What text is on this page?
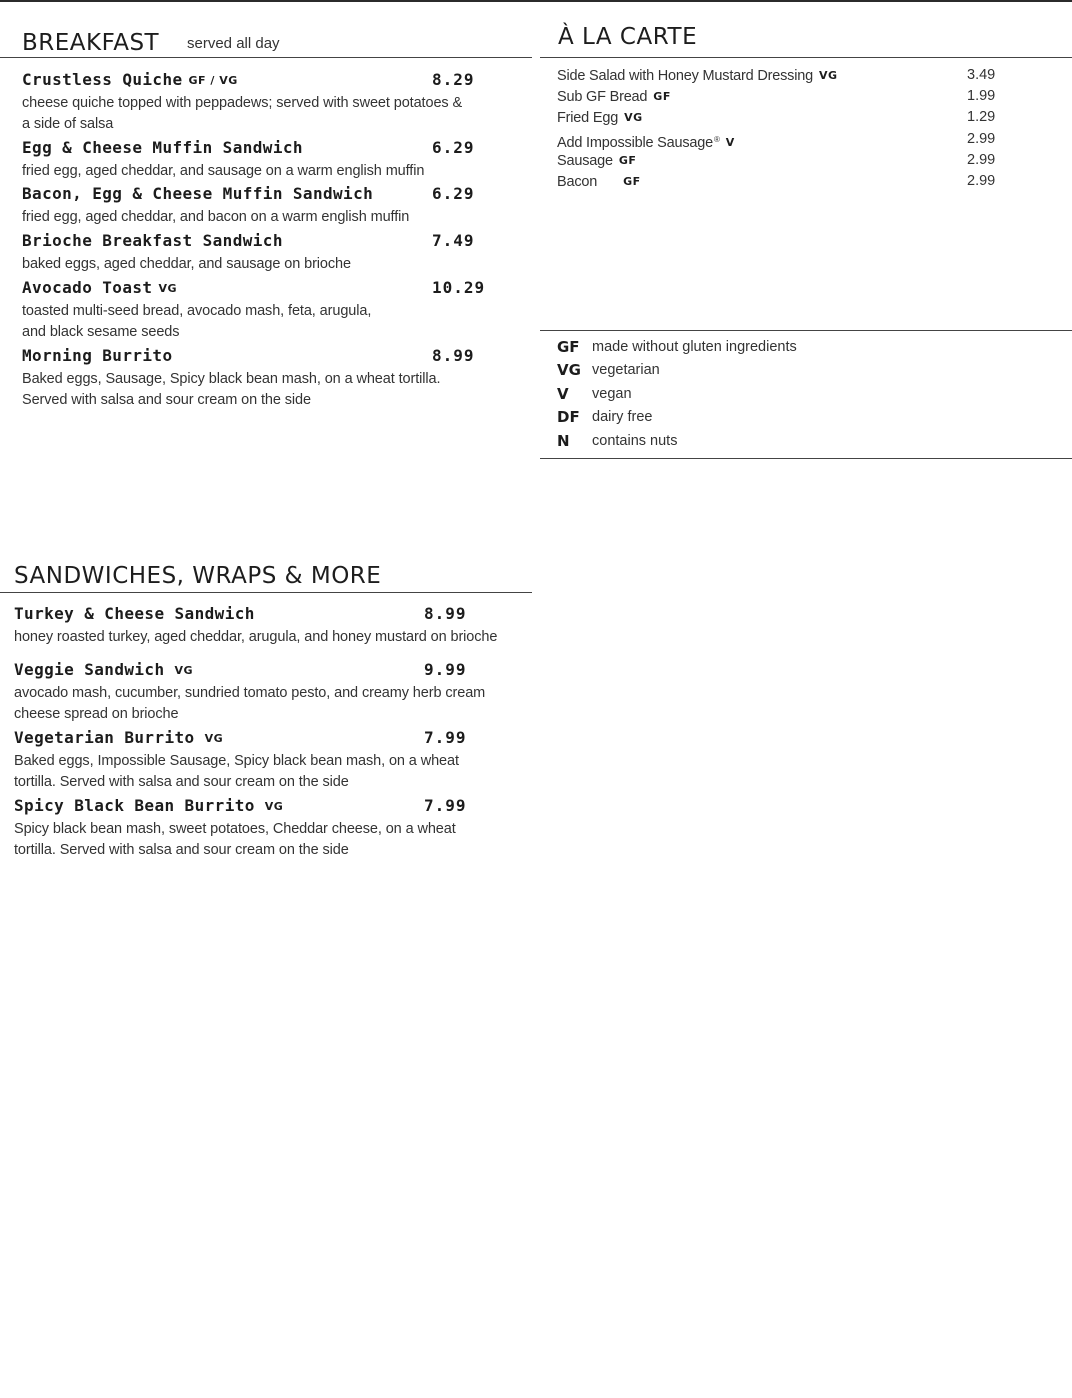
BREAKFAST served all day
Crustless Quiche GF / VG	8.29
cheese quiche topped with peppadews; served with sweet potatoes & a side of salsa
Egg & Cheese Muffin Sandwich	6.29
fried egg, aged cheddar, and sausage on a warm english muffin
Bacon, Egg & Cheese Muffin Sandwich	6.29
fried egg, aged cheddar, and bacon on a warm english muffin
Brioche Breakfast Sandwich	7.49
baked eggs, aged cheddar, and sausage on brioche
Avocado Toast VG	10.29
toasted multi-seed bread, avocado mash, feta, arugula, and black sesame seeds
Morning Burrito	8.99
Baked eggs, Sausage, Spicy black bean mash, on a wheat tortilla. Served with salsa and sour cream on the side
À LA CARTE
Side Salad with Honey Mustard Dressing VG	3.49
Sub GF Bread GF	1.99
Fried Egg VG	1.29
Add Impossible Sausage® V	2.99
Sausage GF	2.99
Bacon GF	2.99
GF made without gluten ingredients
VG vegetarian
V	vegan
DF dairy free
N	contains nuts
SANDWICHES, WRAPS & MORE
Turkey & Cheese Sandwich	8.99
honey roasted turkey, aged cheddar, arugula, and honey mustard on brioche
Veggie Sandwich VG	9.99
avocado mash, cucumber, sundried tomato pesto, and creamy herb cream cheese spread on brioche
Vegetarian Burrito VG	7.99
Baked eggs, Impossible Sausage, Spicy black bean mash, on a wheat tortilla. Served with salsa and sour cream on the side
Spicy Black Bean Burrito VG	7.99
Spicy black bean mash, sweet potatoes, Cheddar cheese, on a wheat tortilla. Served with salsa and sour cream on the side
